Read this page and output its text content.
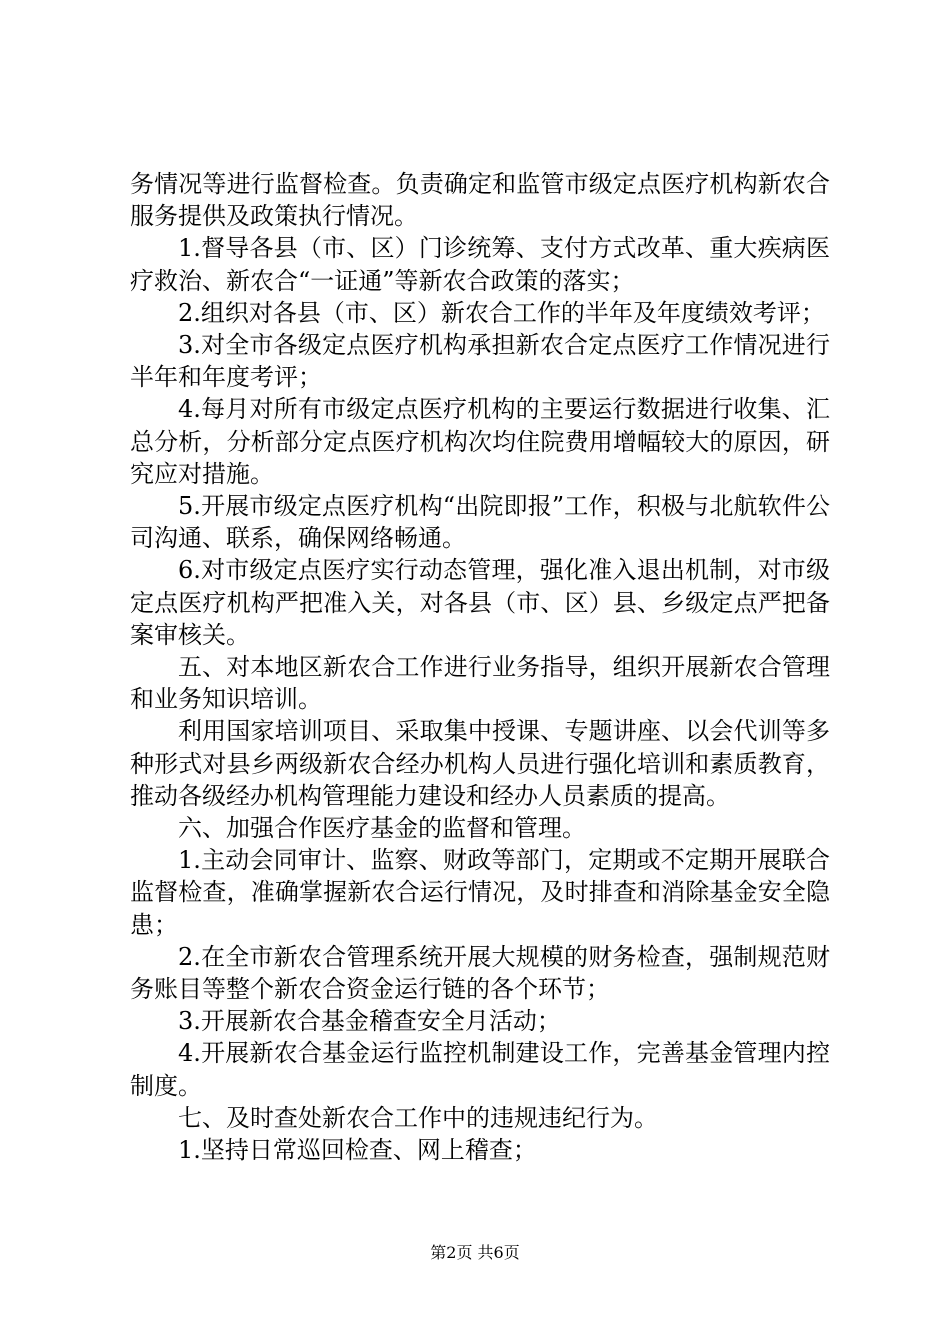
务情况等进行监督检查。负责确定和监管市级定点医疗机构新农合服务提供及政策执行情况。

1.督导各县（市、区）门诊统筹、支付方式改革、重大疾病医疗救治、新农合“一证通”等新农合政策的落实；

2.组织对各县（市、区）新农合工作的半年及年度绩效考评；

3.对全市各级定点医疗机构承担新农合定点医疗工作情况进行半年和年度考评；

4.每月对所有市级定点医疗机构的主要运行数据进行收集、汇总分析，分析部分定点医疗机构次均住院费用增幅较大的原因，研究应对措施。

5.开展市级定点医疗机构“出院即报”工作，积极与北航软件公司沟通、联系，确保网络畅通。

6.对市级定点医疗实行动态管理，强化准入退出机制，对市级定点医疗机构严把准入关，对各县（市、区）县、乡级定点严把备案审核关。

五、对本地区新农合工作进行业务指导，组织开展新农合管理和业务知识培训。

利用国家培训项目、采取集中授课、专题讲座、以会代训等多种形式对县乡两级新农合经办机构人员进行强化培训和素质教育，推动各级经办机构管理能力建设和经办人员素质的提高。

六、加强合作医疗基金的监督和管理。

1.主动会同审计、监察、财政等部门，定期或不定期开展联合监督检查，准确掌握新农合运行情况，及时排查和消除基金安全隐患；

2.在全市新农合管理系统开展大规模的财务检查，强制规范财务账目等整个新农合资金运行链的各个环节；

3.开展新农合基金稽查安全月活动；

4.开展新农合基金运行监控机制建设工作，完善基金管理内控制度。

七、及时查处新农合工作中的违规违纪行为。

1.坚持日常巡回检查、网上稽查；

第2页 共6页
